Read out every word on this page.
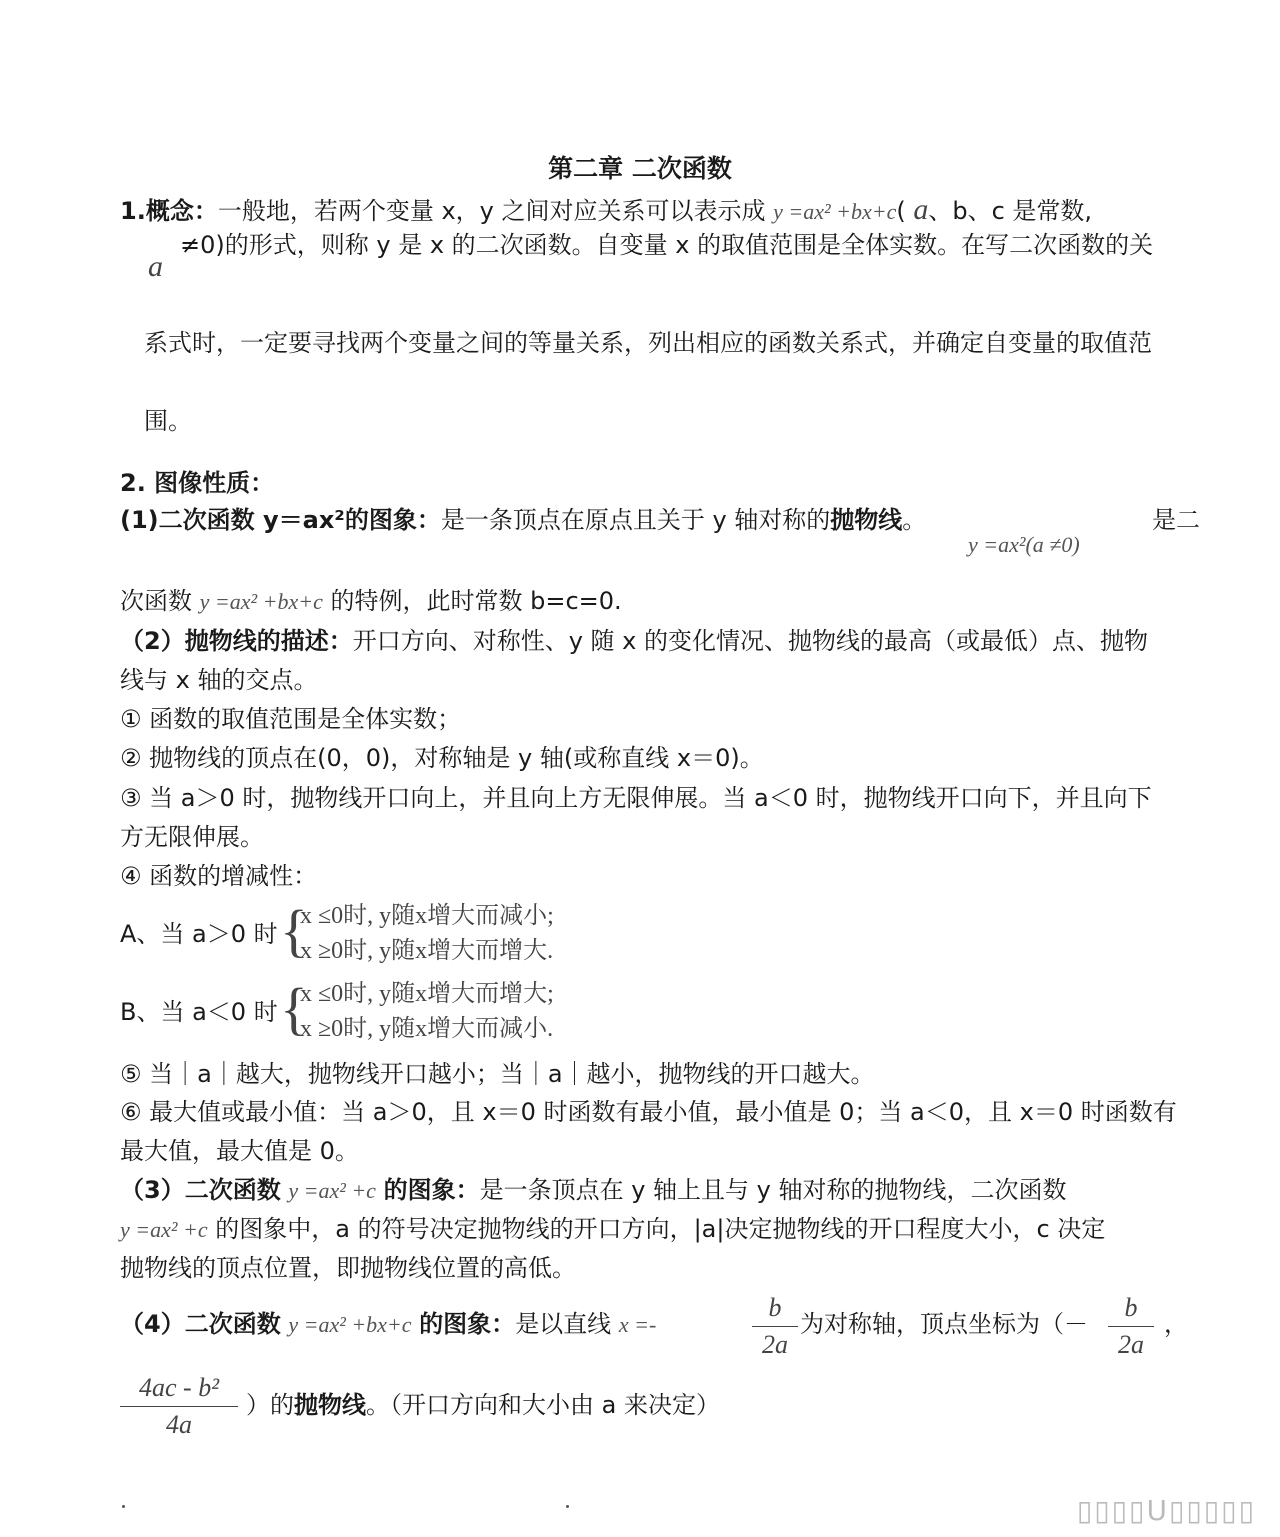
第二章 二次函数
1.概念：一般地，若两个变量 x，y 之间对应关系可以表示成 y =ax² +bx+c( a、b、c 是常数,
a
≠0)的形式，则称 y 是 x 的二次函数。自变量 x 的取值范围是全体实数。在写二次函数的关
系式时，一定要寻找两个变量之间的等量关系，列出相应的函数关系式，并确定自变量的取值范
围。
2. 图像性质：
(1)二次函数 y＝ax²的图象：是一条顶点在原点且关于 y 轴对称的抛物线。
y =ax²(a ≠0)
是二
次函数 y =ax² +bx+c 的特例，此时常数 b=c=0.
（2）抛物线的描述：开口方向、对称性、y 随 x 的变化情况、抛物线的最高（或最低）点、抛物
线与 x 轴的交点。
① 函数的取值范围是全体实数；
② 抛物线的顶点在(0，0)，对称轴是 y 轴(或称直线 x＝0)。
③ 当 a＞0 时，抛物线开口向上，并且向上方无限伸展。当 a＜0 时，抛物线开口向下，并且向下
方无限伸展。
④ 函数的增减性：
A、当 a＞0 时 {
x ≤0时, y随x增大而减小;
x ≥0时, y随x增大而增大.
B、当 a＜0 时 {
x ≤0时, y随x增大而增大;
x ≥0时, y随x增大而减小.
⑤ 当｜a｜越大，抛物线开口越小；当｜a｜越小，抛物线的开口越大。
⑥ 最大值或最小值：当 a＞0，且 x＝0 时函数有最小值，最小值是 0；当 a＜0，且 x＝0 时函数有
最大值，最大值是 0。
（3）二次函数 y =ax² +c 的图象：是一条顶点在 y 轴上且与 y 轴对称的抛物线，二次函数
y =ax² +c 的图象中，a 的符号决定抛物线的开口方向，|a|决定抛物线的开口程度大小，c 决定
抛物线的顶点位置，即抛物线位置的高低。
（4）二次函数 y =ax² +bx+c 的图象：是以直线 x =-
b
2a
为对称轴，顶点坐标为（－
b
2a
，
4ac - b²
4a
）的抛物线。（开口方向和大小由 a 来决定）
▯▯▯▯U▯▯▯▯▯
